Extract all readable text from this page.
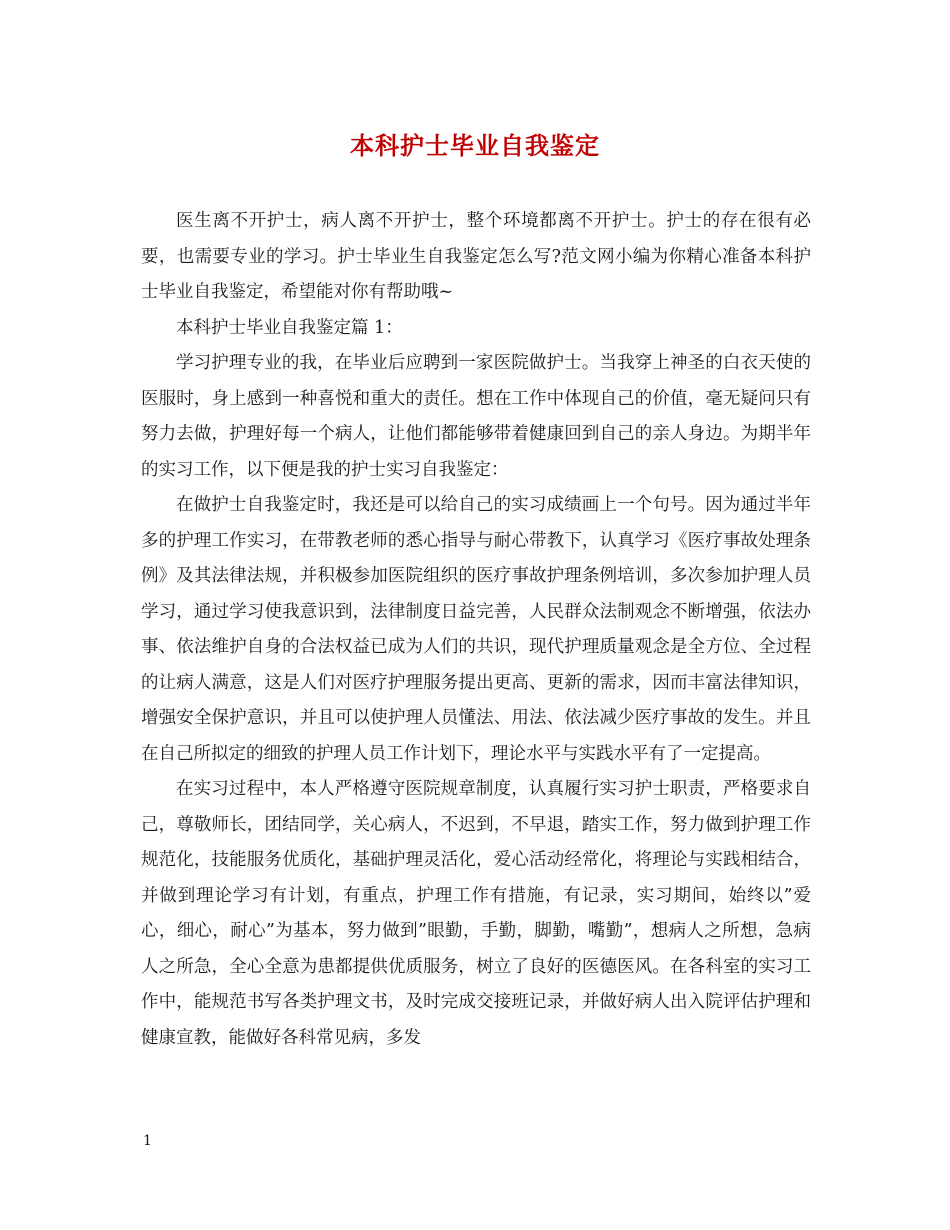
本科护士毕业自我鉴定

医生离不开护士，病人离不开护士，整个环境都离不开护士。护士的存在很有必要，也需要专业的学习。护士毕业生自我鉴定怎么写?范文网小编为你精心准备本科护士毕业自我鉴定，希望能对你有帮助哦~

本科护士毕业自我鉴定篇 1：

学习护理专业的我，在毕业后应聘到一家医院做护士。当我穿上神圣的白衣天使的医服时，身上感到一种喜悦和重大的责任。想在工作中体现自己的价值，毫无疑问只有努力去做，护理好每一个病人，让他们都能够带着健康回到自己的亲人身边。为期半年的实习工作，以下便是我的护士实习自我鉴定：

在做护士自我鉴定时，我还是可以给自己的实习成绩画上一个句号。因为通过半年多的护理工作实习，在带教老师的悉心指导与耐心带教下，认真学习《医疗事故处理条例》及其法律法规，并积极参加医院组织的医疗事故护理条例培训，多次参加护理人员学习，通过学习使我意识到，法律制度日益完善，人民群众法制观念不断增强，依法办事、依法维护自身的合法权益已成为人们的共识，现代护理质量观念是全方位、全过程的让病人满意，这是人们对医疗护理服务提出更高、更新的需求，因而丰富法律知识，增强安全保护意识，并且可以使护理人员懂法、用法、依法减少医疗事故的发生。并且在自己所拟定的细致的护理人员工作计划下，理论水平与实践水平有了一定提高。

在实习过程中，本人严格遵守医院规章制度，认真履行实习护士职责，严格要求自己，尊敬师长，团结同学，关心病人，不迟到，不早退，踏实工作，努力做到护理工作规范化，技能服务优质化，基础护理灵活化，爱心活动经常化，将理论与实践相结合，并做到理论学习有计划，有重点，护理工作有措施，有记录，实习期间，始终以”爱心，细心，耐心”为基本，努力做到”眼勤，手勤，脚勤，嘴勤”，想病人之所想，急病人之所急，全心全意为患都提供优质服务，树立了良好的医德医风。在各科室的实习工作中，能规范书写各类护理文书，及时完成交接班记录，并做好病人出入院评估护理和健康宣教，能做好各科常见病，多发

1
